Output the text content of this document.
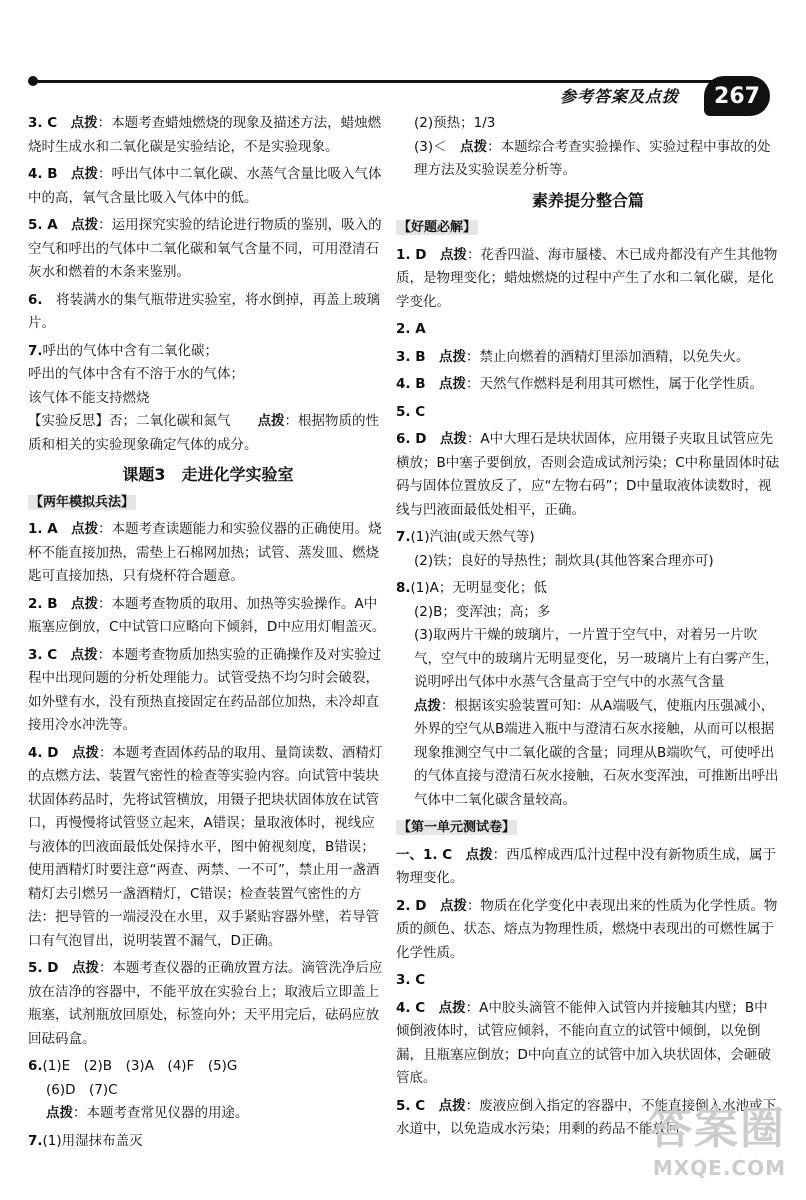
参考答案及点拨	267
3. C　 点拨：本题考查蜡烛燃烧的现象及描述方法，蜡烛燃烧时生成水和二氧化碳是实验结论，不是实验现象。
4. B　 点拨：呼出气体中二氧化碳、水蒸气含量比吸入气体中的高，氧气含量比吸入气体中的低。
5. A　 点拨：运用探究实验的结论进行物质的鉴别，吸入的空气和呼出的气体中二氧化碳和氧气含量不同，可用澄清石灰水和燃着的木条来鉴别。
6.　 将装满水的集气瓶带进实验室，将水倒掉，再盖上玻璃片。
7.呼出的气体中含有二氧化碳；
呼出的气体中含有不溶于水的气体；
该气体不能支持燃烧
【实验反思】否；二氧化碳和氮气　　 点拨：根据物质的性质和相关的实验现象确定气体的成分。
课题3　走进化学实验室
【两年模拟兵法】
1. A　 点拨：本题考查读题能力和实验仪器的正确使用。烧杯不能直接加热，需垫上石棉网加热；试管、蒸发皿、燃烧匙可直接加热，只有烧杯符合题意。
2. B　 点拨：本题考查物质的取用、加热等实验操作。A中瓶塞应倒放，C中试管口应略向下倾斜，D中应用灯帽盖灭。
3. C　 点拨：本题考查物质加热实验的正确操作及对实验过程中出现问题的分析处理能力。试管受热不均匀时会破裂，如外壁有水，没有预热直接固定在药品部位加热，未冷却直接用冷水冲洗等。
4. D　 点拨：本题考查固体药品的取用、量筒读数、酒精灯的点燃方法、装置气密性的检查等实验内容。向试管中装块状固体药品时，先将试管横放，用镊子把块状固体放在试管口，再慢慢将试管竖立起来，A错误；量取液体时，视线应与液体的凹液面最低处保持水平，图中俯视刻度，B错误；使用酒精灯时要注意“两查、两禁、一不可”，禁止用一盏酒精灯去引燃另一盏酒精灯，C错误；检查装置气密性的方法：把导管的一端浸没在水里，双手紧贴容器外壁，若导管口有气泡冒出，说明装置不漏气，D正确。
5. D　 点拨：本题考查仪器的正确放置方法。滴管洗净后应放在洁净的容器中，不能平放在实验台上；取液后立即盖上瓶塞，试剂瓶放回原处，标签向外；天平用完后，砝码应放回砝码盒。
6.(1)E　(2)B　(3)A　(4)F　(5)G
(6)D　(7)C
点拨：本题考查常见仪器的用途。
7.(1)用湿抹布盖灭
(2)预热；1/3
(3)＜　 点拨：本题综合考查实验操作、实验过程中事故的处理方法及实验误差分析等。
素养提分整合篇
【好题必解】
1. D　 点拨：花香四溢、海市蜃楼、木已成舟都没有产生其他物质，是物理变化；蜡烛燃烧的过程中产生了水和二氧化碳，是化学变化。
2. A　
3. B　 点拨：禁止向燃着的酒精灯里添加酒精，以免失火。
4. B　 点拨：天然气作燃料是利用其可燃性，属于化学性质。
5. C　
6. D　 点拨：A中大理石是块状固体，应用镊子夹取且试管应先横放；B中塞子要倒放，否则会造成试剂污染；C中称量固体时砝码与固体位置放反了，应“左物右码”；D中量取液体读数时，视线与凹液面最低处相平，正确。
7.(1)汽油(或天然气等)
(2)铁；良好的导热性；制炊具(其他答案合理亦可)
8.(1)A；无明显变化；低
(2)B；变浑浊；高；多
(3)取两片干燥的玻璃片，一片置于空气中，对着另一片吹气，空气中的玻璃片无明显变化，另一玻璃片上有白雾产生，说明呼出气体中水蒸气含量高于空气中的水蒸气含量
点拨：根据该实验装置可知：从A端吸气，使瓶内压强减小，外界的空气从B端进入瓶中与澄清石灰水接触，从而可以根据现象推测空气中二氧化碳的含量；同理从B端吹气，可使呼出的气体直接与澄清石灰水接触，石灰水变浑浊，可推断出呼出气体中二氧化碳含量较高。
【第一单元测试卷】
一、1. C　 点拨：西瓜榨成西瓜汁过程中没有新物质生成，属于物理变化。
2. D　 点拨：物质在化学变化中表现出来的性质为化学性质。物质的颜色、状态、熔点为物理性质，燃烧中表现出的可燃性属于化学性质。
3. C　
4. C　 点拨：A中胶头滴管不能伸入试管内并接触其内壁；B中倾倒液体时，试管应倾斜，不能向直立的试管中倾倒，以免倒漏，且瓶塞应倒放；D中向直立的试管中加入块状固体，会砸破管底。
5. C　 点拨：废液应倒入指定的容器中，不能直接倒入水池或下水道中，以免造成水污染；用剩的药品不能放回
答案圈
MXQE.COM
